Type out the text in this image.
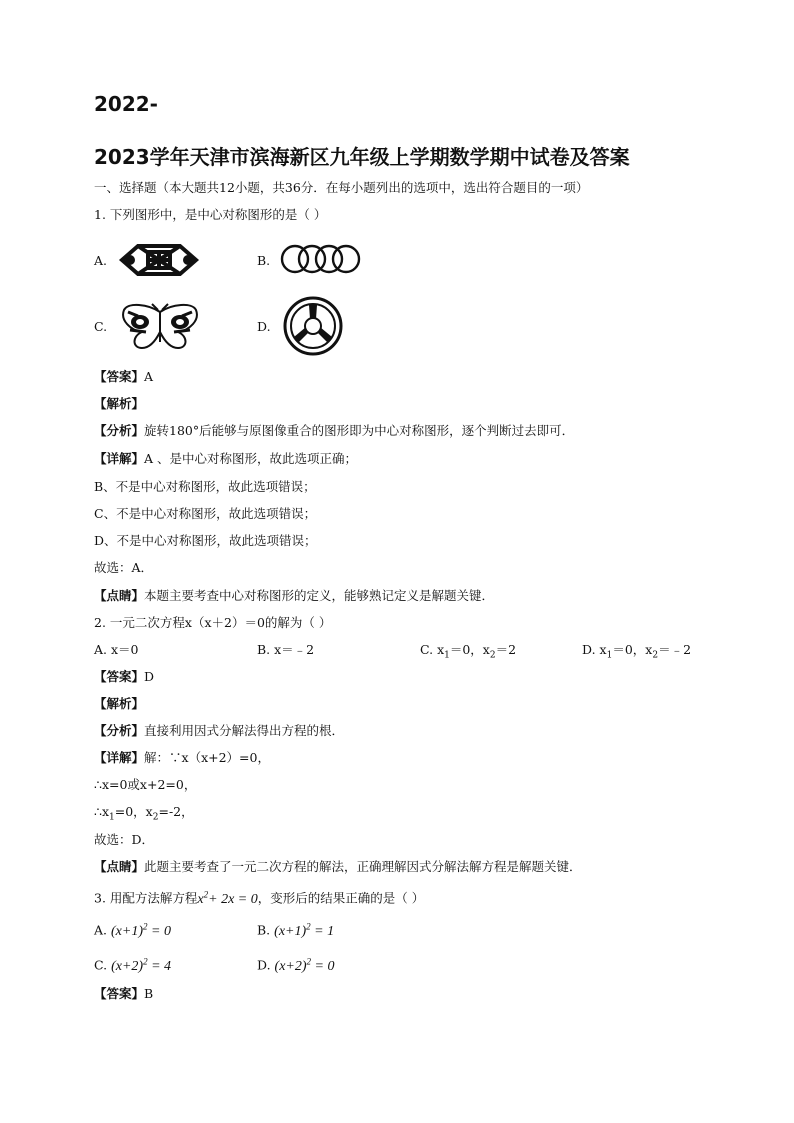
2022-
2023学年天津市滨海新区九年级上学期数学期中试卷及答案
一、选择题（本大题共12小题，共36分．在每小题列出的选项中，选出符合题目的一项）
1. 下列图形中，是中心对称图形的是（ ）
A.	B.
C.	D.
【答案】A
【解析】
【分析】旋转180°后能够与原图像重合的图形即为中心对称图形，逐个判断过去即可．
【详解】A 、是中心对称图形，故此选项正确；
B、不是中心对称图形，故此选项错误；
C、不是中心对称图形，故此选项错误；
D、不是中心对称图形，故此选项错误；
故选：A．
【点睛】本题主要考查中心对称图形的定义，能够熟记定义是解题关键．
2. 一元二次方程x（x＋2）＝0的解为（ ）
A. x＝0	B. x＝﹣2	C. $x_1=0$，$x_2=2$	D. $x_1=0$，$x_2=﹣2$
【答案】D
【解析】
【分析】直接利用因式分解法得出方程的根．
【详解】解：∵x（x+2）=0，
∴x=0或x+2=0，
$\therefore x_1=0$，$x_2=-2$，
故选：D．
【点睛】此题主要考查了一元二次方程的解法，正确理解因式分解法解方程是解题关键．
3. 用配方法解方程$x^2+ 2x = 0$，变形后的结果正确的是（ ）
A. $(x+1)^2 = 0$	B. $(x+1)^2 = 1$
C. $(x+2)^2 = 4$	D. $(x+2)^2 = 0$
【答案】B
